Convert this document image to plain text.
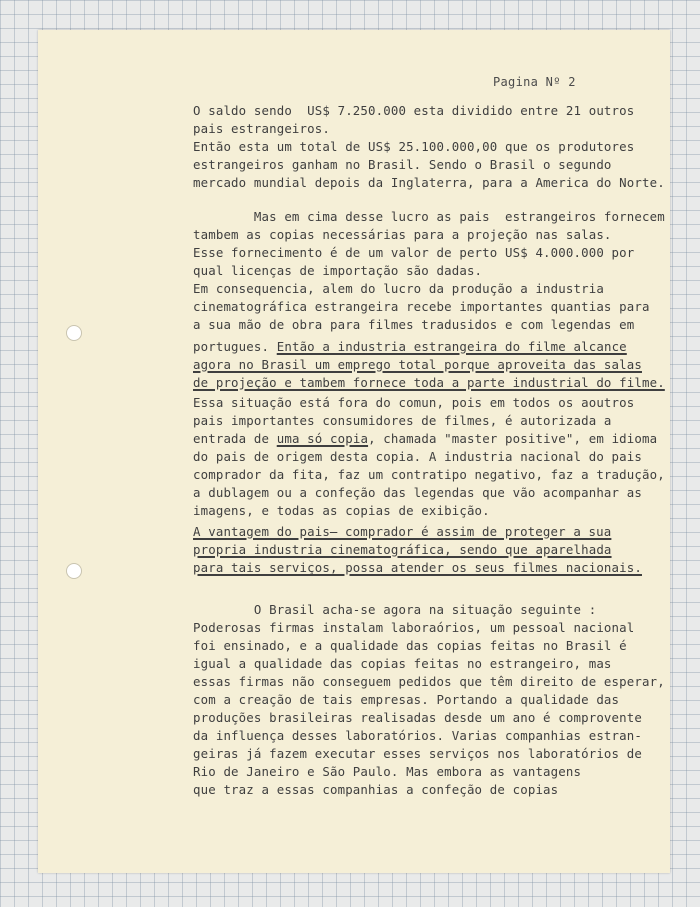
Pagina Nº 2
O saldo sendo  US$ 7.250.000 esta dividido entre 21 outros
pais estrangeiros.
Então esta um total de US$ 25.100.000,00 que os produtores
estrangeiros ganham no Brasil. Sendo o Brasil o segundo
mercado mundial depois da Inglaterra, para a America do Norte.
Mas em cima desse lucro as pais  estrangeiros fornecem
tambem as copias necessárias para a projeção nas salas.
Esse fornecimento é de um valor de perto US$ 4.000.000 por
qual licenças de importação são dadas.
Em consequencia, alem do lucro da produção a industria
cinematográfica estrangeira recebe importantes quantias para
a sua mão de obra para filmes tradusidos e com legendas em
portugues. Então a industria estrangeira do filme alcance
agora no Brasil um emprego total porque aproveita das salas
de projeção e tambem fornece toda a parte industrial do filme.
Essa situação está fora do comun, pois em todos os aoutros
pais importantes consumidores de filmes, é autorizada a
entrada de uma só copia, chamada "master positive", em idioma
do pais de origem desta copia. A industria nacional do pais
comprador da fita, faz um contratipo negativo, faz a tradução,
a dublagem ou a confeção das legendas que vão acompanhar as
imagens, e todas as copias de exibição.
A vantagem do pais̶ comprador é assim de proteger a sua
propria industria cinematográfica, sendo que aparelhada
para tais serviços, possa atender os seus filmes nacionais.
O Brasil acha-se agora na situação seguinte :
Poderosas firmas instalam laboraórios, um pessoal nacional
foi ensinado, e a qualidade das copias feitas no Brasil é
igual a qualidade das copias feitas no estrangeiro, mas
essas firmas não conseguem pedidos que têm direito de esperar,
com a creação de tais empresas. Portando a qualidade das
produções brasileiras realisadas desde um ano é comprovente
da influença desses laboratórios. Varias companhias estran-
geiras já fazem executar esses serviços nos laboratórios de
Rio de Janeiro e São Paulo. Mas embora as vantagens
que traz a essas companhias a confeção de copias
